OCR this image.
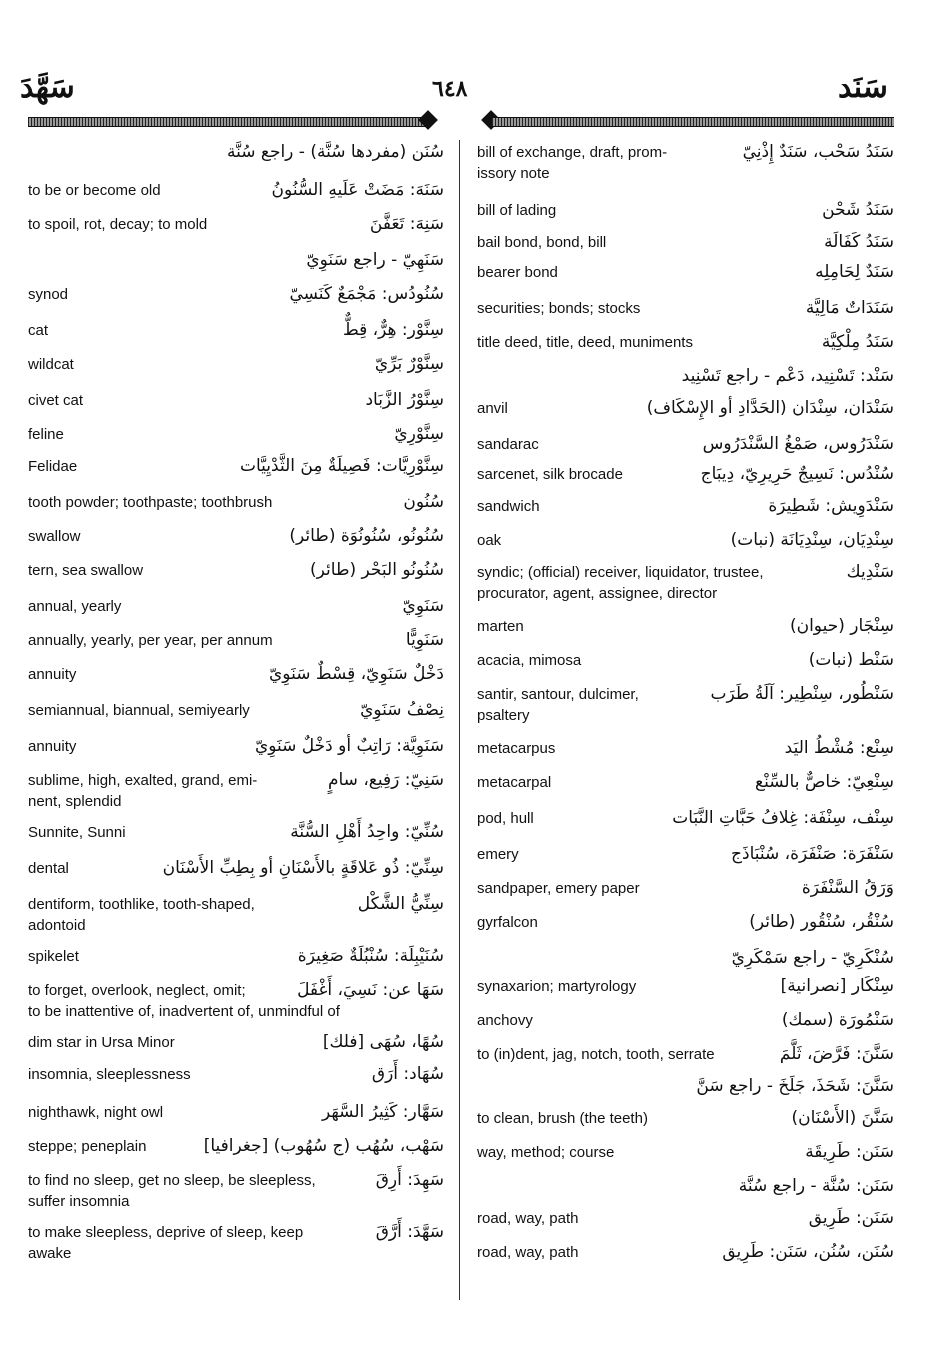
سَهَّدَ	٦٤٨	سَنَد
سُنَن (مفردها سُنَّة) - راجع سُنَّة
سَنَهَ: مَضَتْ عَلَيهِ السُّنُونُ
to be or become old
سَنِهَ: تَعَفَّنَ
to spoil, rot, decay; to mold
سَنَهِيّ - راجع سَنَوِيّ
سُنُودُس: مَجْمَعٌ كَنَسِيّ
synod
سِنَّوْر: هِرٌّ، قِطٌّ
cat
سِنَّوْرٌ بَرِّيّ
wildcat
سِنَّوْرُ الزَّبَاد
civet cat
سِنَّوْرِيّ
feline
سِنَّوْرِيَّات: فَصِيلَةٌ مِنَ الثَّدْيِيَّات
Felidae
سُنُون
tooth powder; toothpaste; toothbrush
سُنُونُو، سُنُونُوَة (طائر)
swallow
سُنُونُو البَحْر (طائر)
tern, sea swallow
سَنَوِيّ
annual, yearly
سَنَوِيًّا
annually, yearly, per year, per annum
دَخْلٌ سَنَوِيّ، قِسْطٌ سَنَوِيّ
annuity
نِصْفُ سَنَوِيّ
semiannual, biannual, semiyearly
سَنَوِيَّة: رَاتِبٌ أو دَخْلٌ سَنَوِيّ
annuity
سَنِيّ: رَفِيع، سامٍ
sublime, high, exalted, grand, emi-
nent, splendid
سُنِّيّ: واحِدُ أَهْلِ السُّنَّة
Sunnite, Sunni
سِنِّيّ: ذُو عَلاقَةٍ بالأَسْنَانِ أو بِطِبِّ الأَسْنَان
dental
سِنِّيُّ الشَّكْل
dentiform, toothlike, tooth-shaped,
adontoid
سُنَيْبِلَة: سُنْبُلَةٌ صَغِيرَة
spikelet
سَهَا عن: نَسِيَ، أَغْفَلَ
to forget, overlook, neglect, omit;
to be inattentive of, inadvertent of, unmindful of
سُهًا، سُهَى [فلك]
dim star in Ursa Minor
سُهَاد: أَرَق
insomnia, sleeplessness
سَهَّار: كَثِيرُ السَّهَر
nighthawk, night owl
سَهْب، سُهُب (ج سُهُوب) [جغرافيا]
steppe; peneplain
سَهِدَ: أَرِقَ
to find no sleep, get no sleep, be sleepless,
suffer insomnia
سَهَّدَ: أَرَّقَ
to make sleepless, deprive of sleep, keep
awake
سَنَدُ سَحْب، سَنَدٌ إِذْنِيّ
bill of exchange, draft, prom-
issory note
سَنَدُ شَحْن
bill of lading
سَنَدُ كَفَالَة
bail bond, bond, bill
سَنَدٌ لِحَامِلِه
bearer bond
سَنَدَاتٌ مَالِيَّة
securities; bonds; stocks
سَنَدُ مِلْكِيَّة
title deed, title, deed, muniments
سَنْد: تَسْنِيد، دَعْم - راجع تَسْنِيد
سَنْدَان، سِنْدَان (الحَدَّادِ أو الإِسْكَاف)
anvil
سَنْدَرُوس، صَمْغُ السَّنْدَرُوس
sandarac
سُنْدُس: نَسِيجٌ حَرِيرِيّ، دِيبَاج
sarcenet, silk brocade
سَنْدَوِيش: شَطِيرَة
sandwich
سِنْدِيَان، سِنْدِيَانَة (نبات)
oak
سَنْدِيك
syndic; (official) receiver, liquidator, trustee,
procurator, agent, assignee, director
سِنْجَار (حيوان)
marten
سَنْط (نبات)
acacia, mimosa
سَنْطُور، سِنْطِير: آلَةُ طَرَب
santir, santour, dulcimer,
psaltery
سِنْع: مُشْطُ اليَد
metacarpus
سِنْعِيّ: خاصٌّ بالسِّنْع
metacarpal
سِنْف، سِنْفَة: غِلافُ حَبَّاتِ النَّبَات
pod, hull
سَنْفَرَة: صَنْفَرَة، سُنْبَاذَج
emery
وَرَقُ السَّنْفَرَة
sandpaper, emery paper
سُنْقُر، سُنْقُور (طائر)
gyrfalcon
سُنْكَرِيّ - راجع سَمْكَرِيّ
سِنْكَار [نصرانية]
synaxarion; martyrology
سَنْمُورَة (سمك)
anchovy
سَنَّنَ: فَرَّضَ، ثَلَّمَ
to (in)dent, jag, notch, tooth, serrate
سَنَّنَ: شَحَذَ، جَلَخَ - راجع سَنَّ
سَنَّنَ (الأَسْنَان)
to clean, brush (the teeth)
سَنَن: طَرِيقَة
way, method; course
سَنَن: سُنَّة - راجع سُنَّة
سَنَن: طَرِيق
road, way, path
سُنَن، سُنُن، سَنَن: طَرِيق
road, way, path
